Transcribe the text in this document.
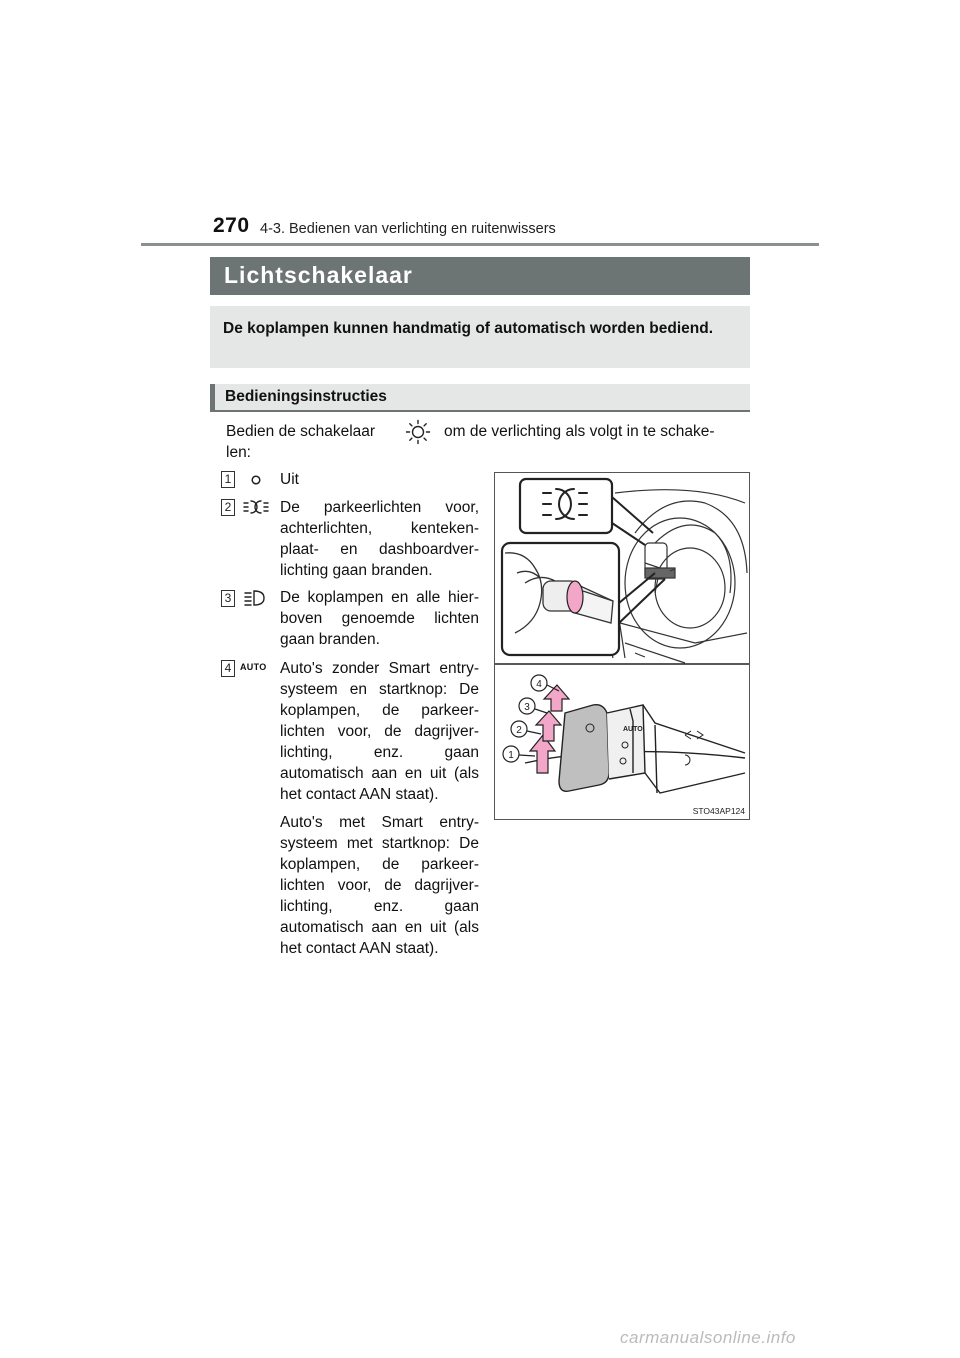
270 4-3. Bedienen van verlichting en ruitenwissers
Lichtschakelaar
De koplampen kunnen handmatig of automatisch worden bediend.
Bedieningsinstructies
Bedien de schakelaar	om de verlichting als volgt in te schake-
len:
1	Uit
2	De parkeerlichten voor, achterlichten, kenteken-plaat- en dashboardver-lichting gaan branden.
3	De koplampen en alle hier-boven genoemde lichten gaan branden.
4 AUTO Auto's zonder Smart entry-systeem en startknop: De koplampen, de parkeer-lichten voor, de dagrijver-lichting, enz. gaan automatisch aan en uit (als het contact AAN staat).
Auto's met Smart entry-systeem met startknop: De koplampen, de parkeer-lichten voor, de dagrijver-lichting, enz. gaan automatisch aan en uit (als het contact AAN staat).
AUTO
1
2
3
4
STO43AP124
carmanualsonline.info
